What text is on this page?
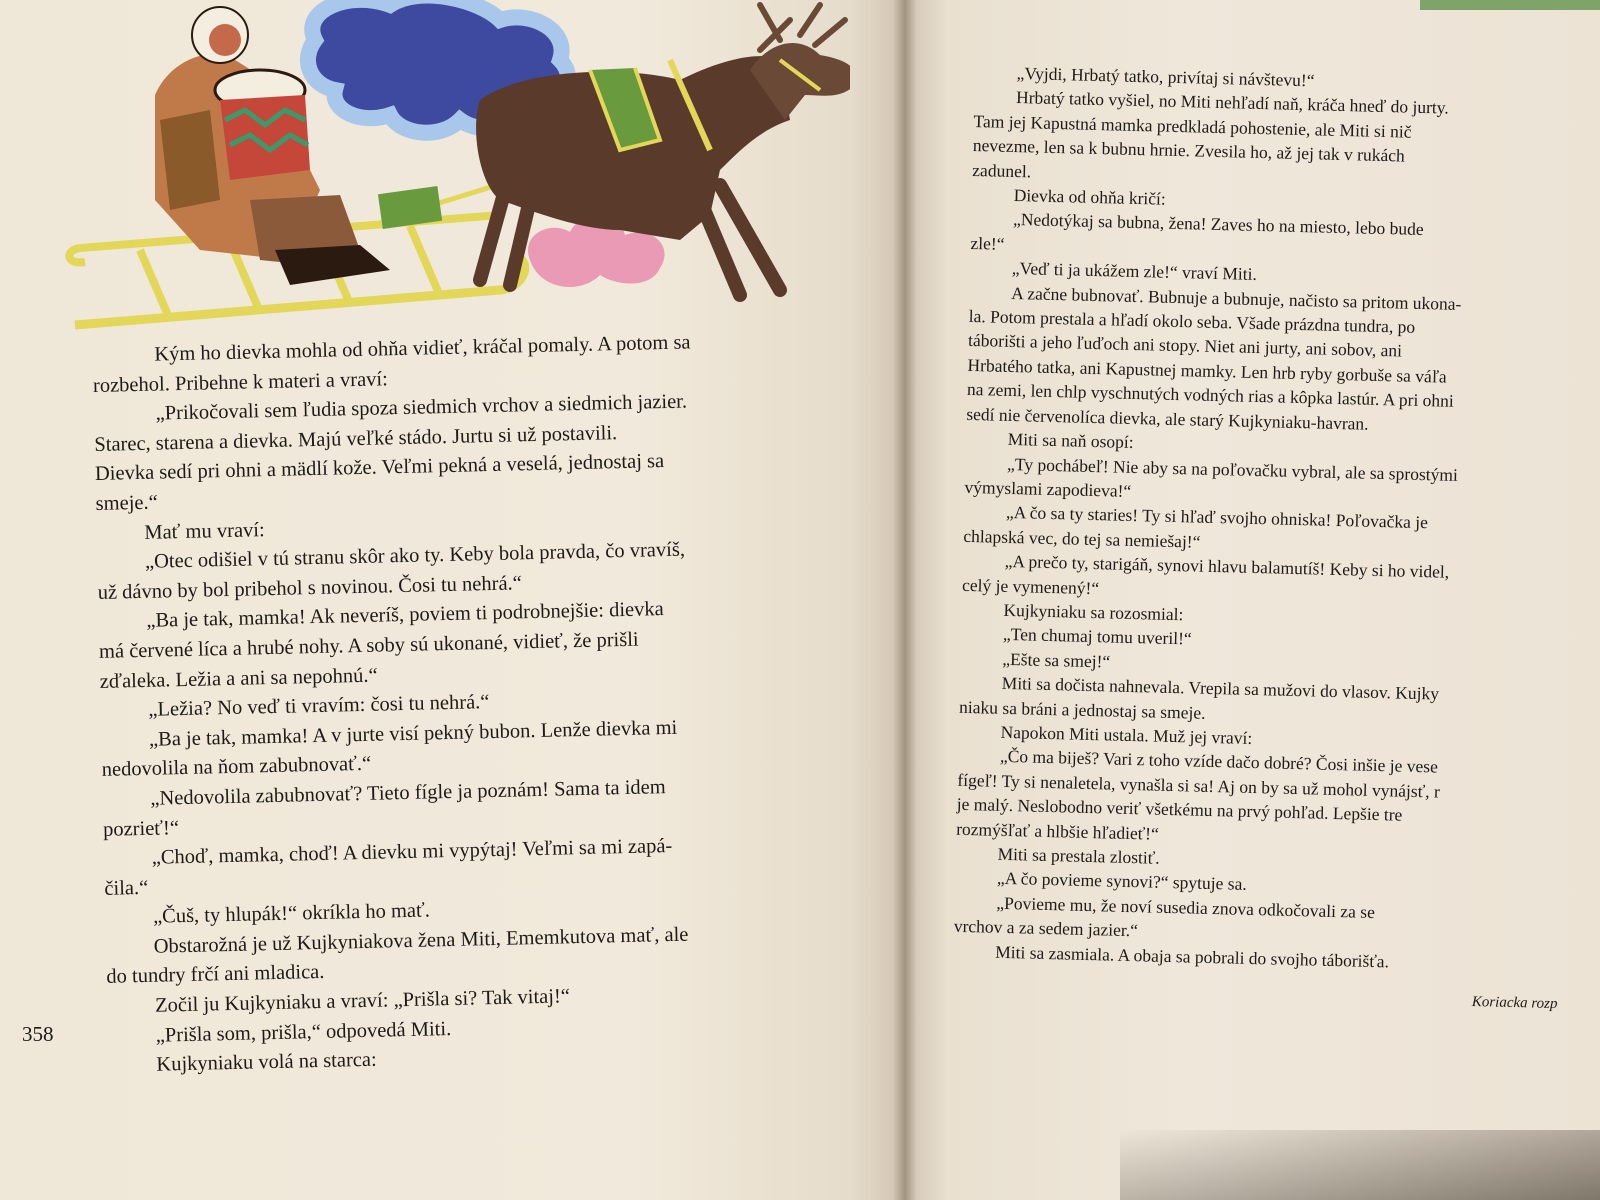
Kým ho dievka mohla od ohňa vidieť, kráčal pomaly. A potom sa
rozbehol. Pribehne k materi a vraví:
„Prikočovali sem ľudia spoza siedmich vrchov a siedmich jazier.
Starec, starena a dievka. Majú veľké stádo. Jurtu si už postavili.
Dievka sedí pri ohni a mädlí kože. Veľmi pekná a veselá, jednostaj sa
smeje.“
Mať mu vraví:
„Otec odišiel v tú stranu skôr ako ty. Keby bola pravda, čo vravíš,
už dávno by bol pribehol s novinou. Čosi tu nehrá.“
„Ba je tak, mamka! Ak neveríš, poviem ti podrobnejšie: dievka
má červené líca a hrubé nohy. A soby sú ukonané, vidieť, že prišli
zďaleka. Ležia a ani sa nepohnú.“
„Ležia? No veď ti vravím: čosi tu nehrá.“
„Ba je tak, mamka! A v jurte visí pekný bubon. Lenže dievka mi
nedovolila na ňom zabubnovať.“
„Nedovolila zabubnovať? Tieto fígle ja poznám! Sama ta idem
pozrieť!“
„Choď, mamka, choď! A dievku mi vypýtaj! Veľmi sa mi zapá-
čila.“
„Čuš, ty hlupák!“ okríkla ho mať.
Obstarožná je už Kujkyniakova žena Miti, Ememkutova mať, ale
do tundry frčí ani mladica.
Zočil ju Kujkyniaku a vraví: „Prišla si? Tak vitaj!“
„Prišla som, prišla,“ odpovedá Miti.
Kujkyniaku volá na starca:
358
„Vyjdi, Hrbatý tatko, privítaj si návštevu!“
Hrbatý tatko vyšiel, no Miti nehľadí naň, kráča hneď do jurty.
Tam jej Kapustná mamka predkladá pohostenie, ale Miti si nič
nevezme, len sa k bubnu hrnie. Zvesila ho, až jej tak v rukách
zadunel.
Dievka od ohňa kričí:
„Nedotýkaj sa bubna, žena! Zaves ho na miesto, lebo bude
zle!“
„Veď ti ja ukážem zle!“ vraví Miti.
A začne bubnovať. Bubnuje a bubnuje, načisto sa pritom ukona-
la. Potom prestala a hľadí okolo seba. Všade prázdna tundra, po
táborišti a jeho ľuďoch ani stopy. Niet ani jurty, ani sobov, ani
Hrbatého tatka, ani Kapustnej mamky. Len hrb ryby gorbuše sa váľa
na zemi, len chlp vyschnutých vodných rias a kôpka lastúr. A pri ohni
sedí nie červenolíca dievka, ale starý Kujkyniaku-havran.
Miti sa naň osopí:
„Ty pochábeľ! Nie aby sa na poľovačku vybral, ale sa sprostými
výmyslami zapodieva!“
„A čo sa ty staries! Ty si hľaď svojho ohniska! Poľovačka je
chlapská vec, do tej sa nemiešaj!“
„A prečo ty, starigáň, synovi hlavu balamutíš! Keby si ho videl,
celý je vymenený!“
Kujkyniaku sa rozosmial:
„Ten chumaj tomu uveril!“
„Ešte sa smej!“
Miti sa dočista nahnevala. Vrepila sa mužovi do vlasov. Kujky
niaku sa bráni a jednostaj sa smeje.
Napokon Miti ustala. Muž jej vraví:
„Čo ma biješ? Vari z toho vzíde dačo dobré? Čosi inšie je vese
fígeľ! Ty si nenaletela, vynašla si sa! Aj on by sa už mohol vynájsť, r
je malý. Neslobodno veriť všetkému na prvý pohľad. Lepšie tre
rozmýšľať a hlbšie hľadieť!“
Miti sa prestala zlostiť.
„A čo povieme synovi?“ spytuje sa.
„Povieme mu, že noví susedia znova odkočovali za se
vrchov a za sedem jazier.“
Miti sa zasmiala. A obaja sa pobrali do svojho táborišťa.
Koriacka rozp
